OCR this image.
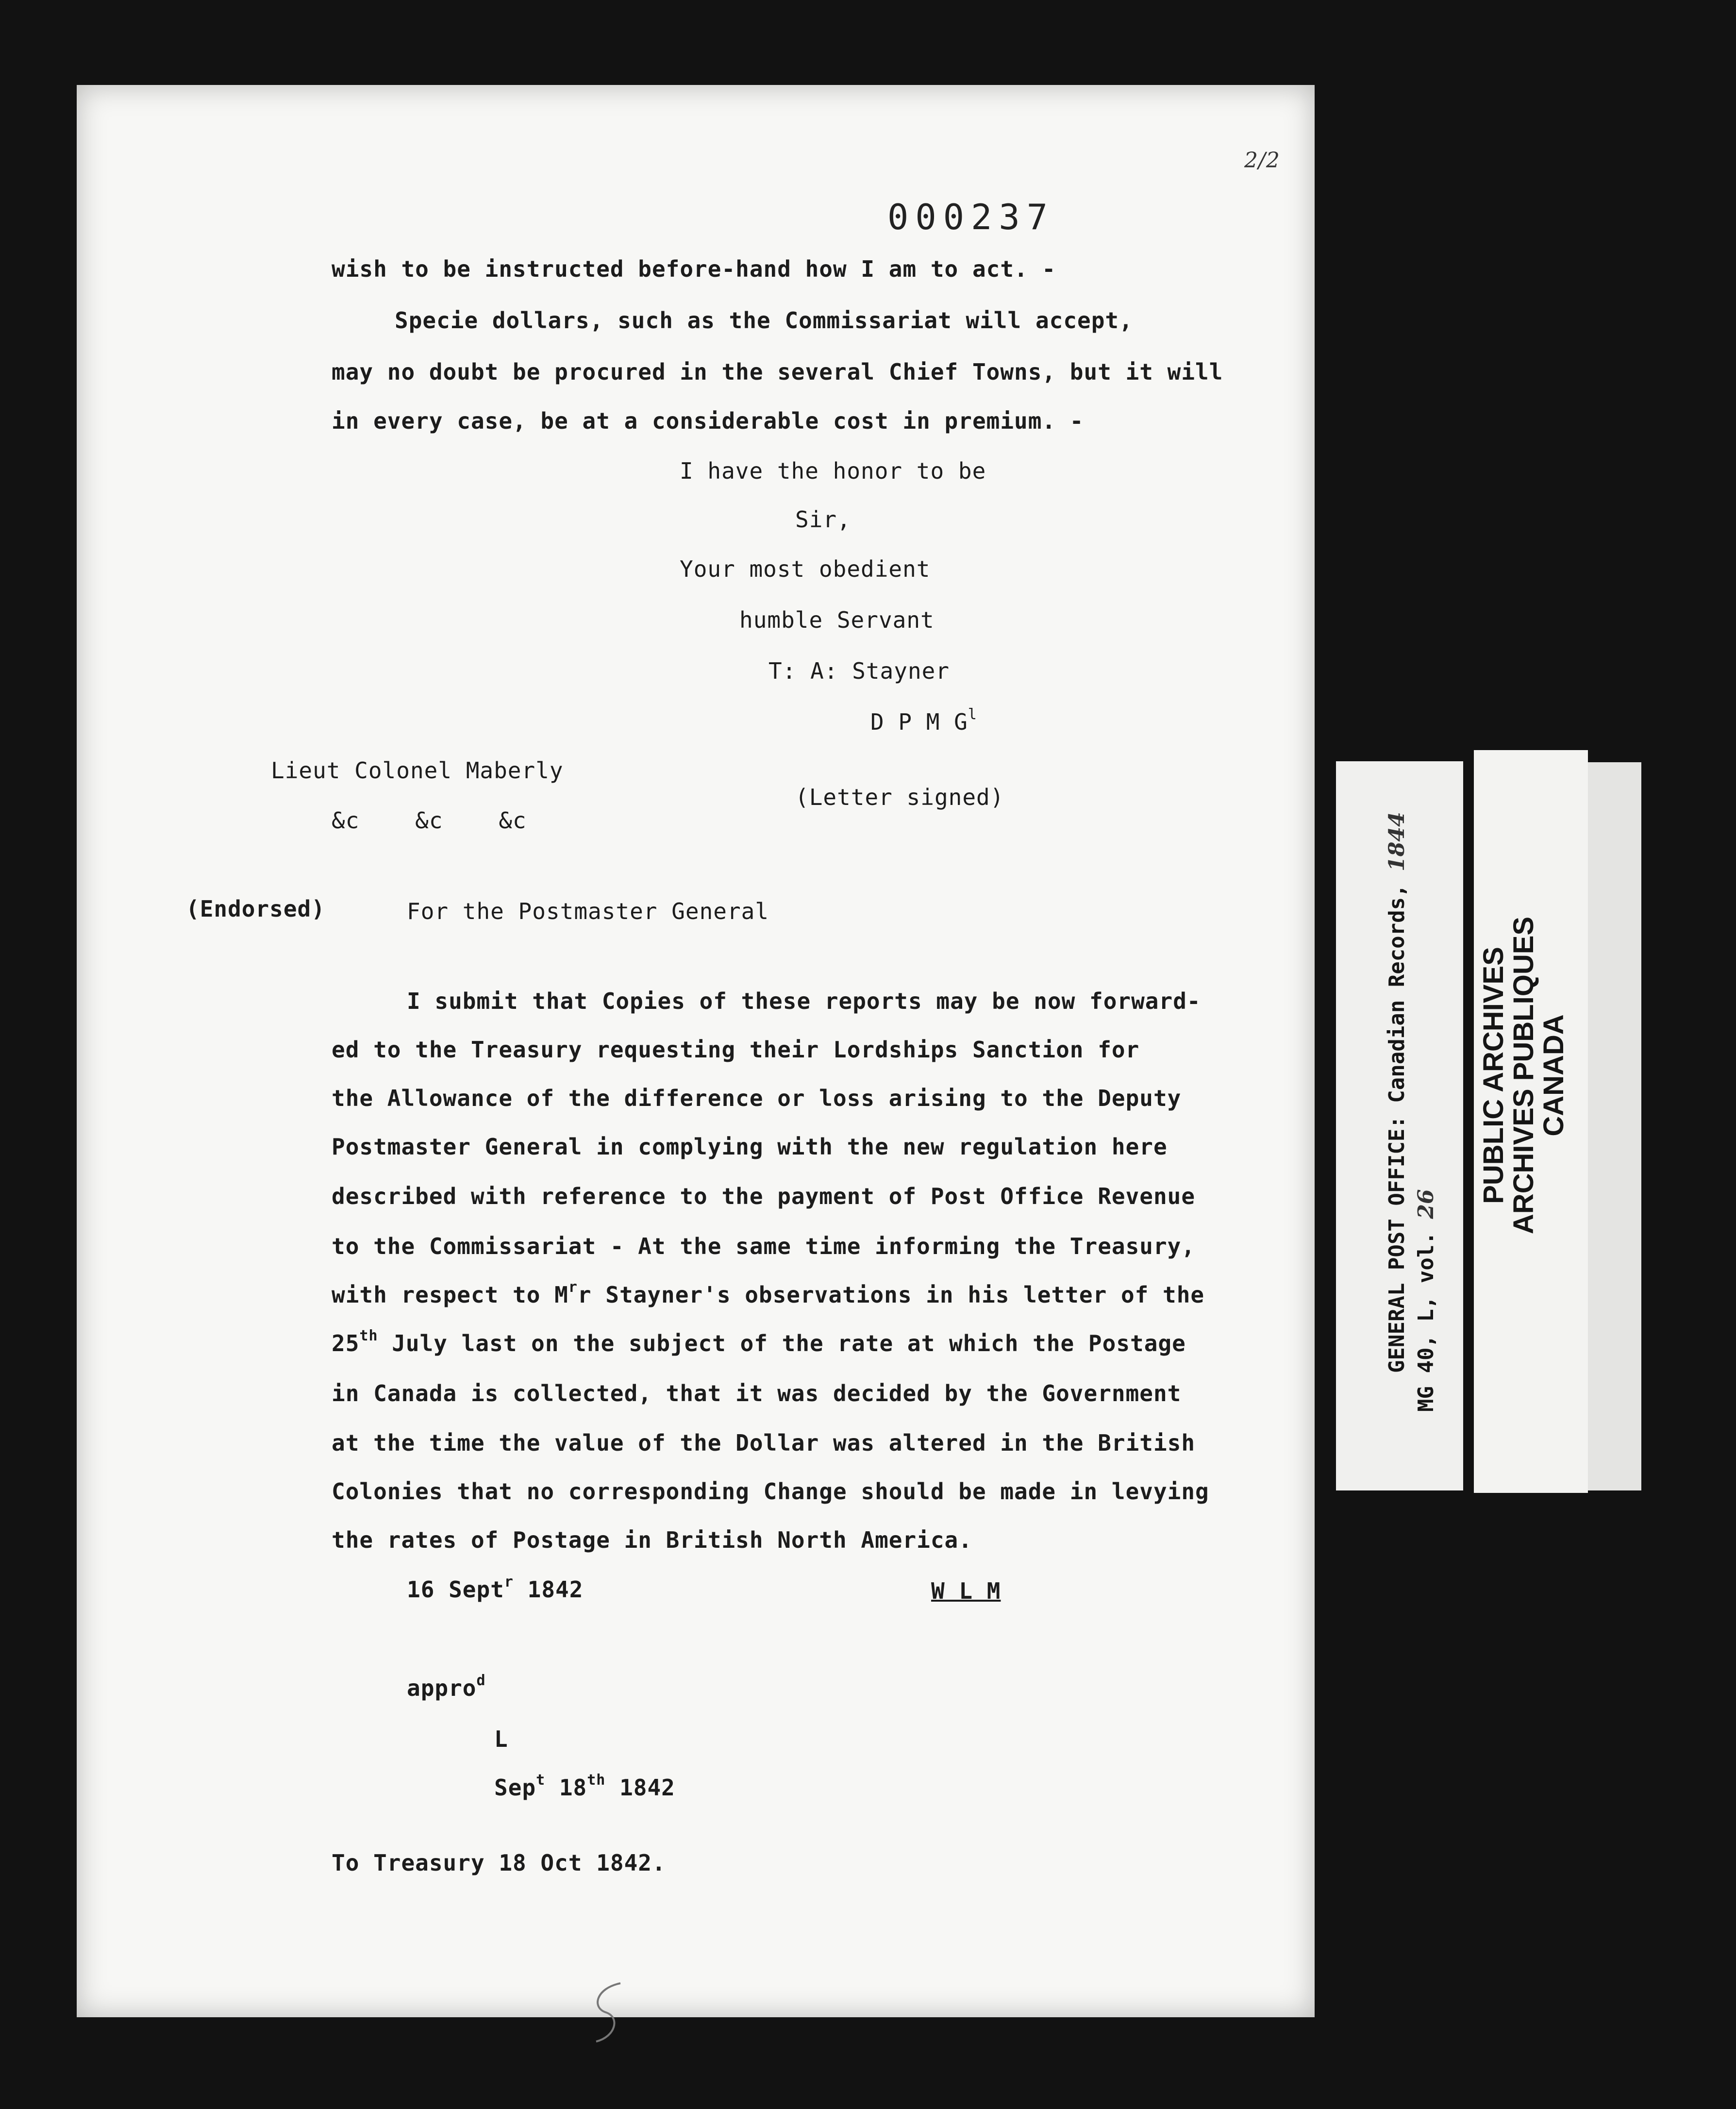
2/2
000237
wish to be instructed before-hand how I am to act. -
Specie dollars, such as the Commissariat will accept,
may no doubt be procured in the several Chief Towns, but it will
in every case, be at a considerable cost in premium. -
I have the honor to be
Sir,
Your most obedient
humble Servant
T: A: Stayner
D P M $G^l$
Lieut Colonel Maberly
&c    &c    &c
(Letter signed)
(Endorsed)	For the Postmaster General
I submit that Copies of these reports may be now forward-
ed to the Treasury requesting their Lordships Sanction for
the Allowance of the difference or loss arising to the Deputy
Postmaster General in complying with the new regulation here
described with reference to the payment of Post Office Revenue
to the Commissariat - At the same time informing the Treasury,
with respect to $M^rr$ Stayner's observations in his letter of the
25th July last on the subject of the rate at which the Postage
in Canada is collected, that it was decided by the Government
at the time the value of the Dollar was altered in the British
Colonies that no corresponding Change should be made in levying
the rates of Postage in British North America.
16 Sept$^r$ 1842	W L M
appro$^d$
L
Sep$^t$ 18th 1842
To Treasury 18 Oct 1842.
GENERAL POST OFFICE: Canadian Records, 1844
MG 40, L, vol. 26
PUBLIC ARCHIVES
ARCHIVES PUBLIQUES
CANADA
